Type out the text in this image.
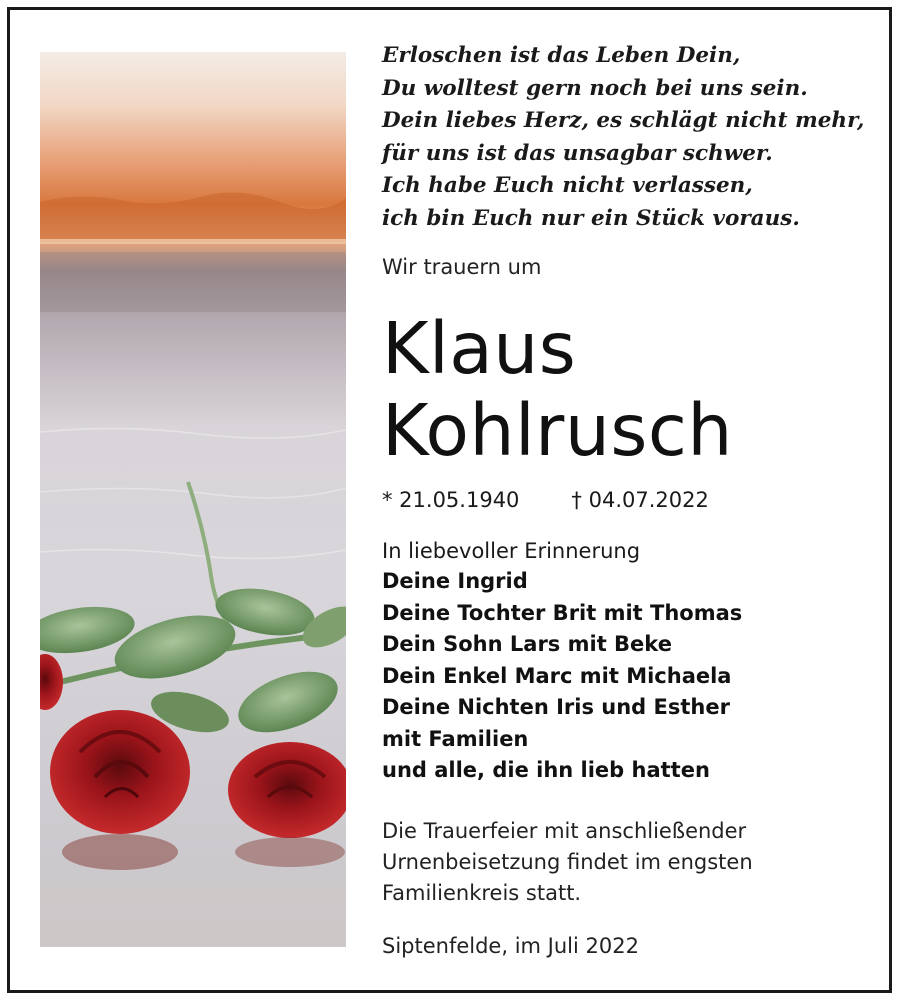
Erloschen ist das Leben Dein,
Du wolltest gern noch bei uns sein.
Dein liebes Herz, es schlägt nicht mehr,
für uns ist das unsagbar schwer.
Ich habe Euch nicht verlassen,
ich bin Euch nur ein Stück voraus.
Wir trauern um
Klaus
Kohlrusch
* 21.05.1940 † 04.07.2022
In liebevoller Erinnerung
Deine Ingrid
Deine Tochter Brit mit Thomas
Dein Sohn Lars mit Beke
Dein Enkel Marc mit Michaela
Deine Nichten Iris und Esther
mit Familien
und alle, die ihn lieb hatten
Die Trauerfeier mit anschließender
Urnenbeisetzung findet im engsten
Familienkreis statt.
Siptenfelde, im Juli 2022
